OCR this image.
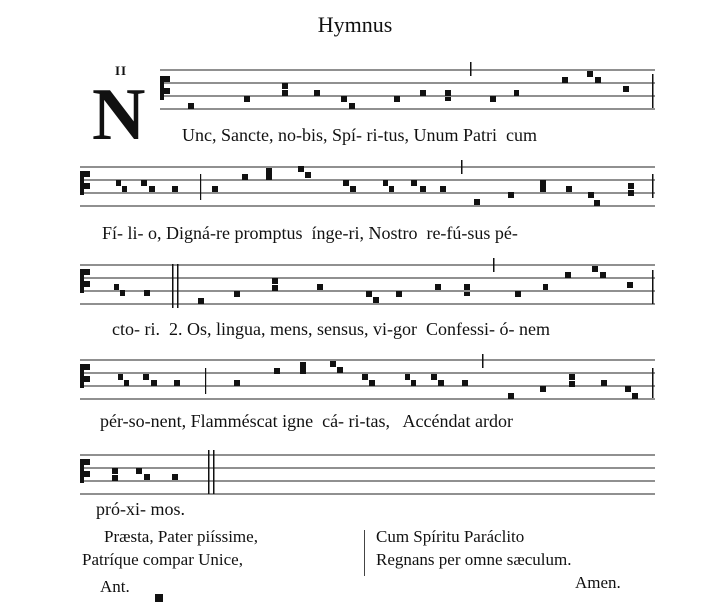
Hymnus
II
N Unc, Sancte, no-bis, Spí- ri-tus, Unum Patri  cum
Fí- li- o, Digná-re promptus  ínge-ri, Nostro  re-fú-sus pé-
cto- ri.  2. Os, lingua, mens, sensus, vi-gor  Confessi- ó- nem
pér-so-nent, Flamméscat igne  cá- ri-tas,   Accéndat ardor
pró-xi- mos.
Præsta, Pater piíssime,
Patríque compar Unice,
Cum Spíritu Paráclito
Regnans per omne sæculum.
Amen.
Ant.
